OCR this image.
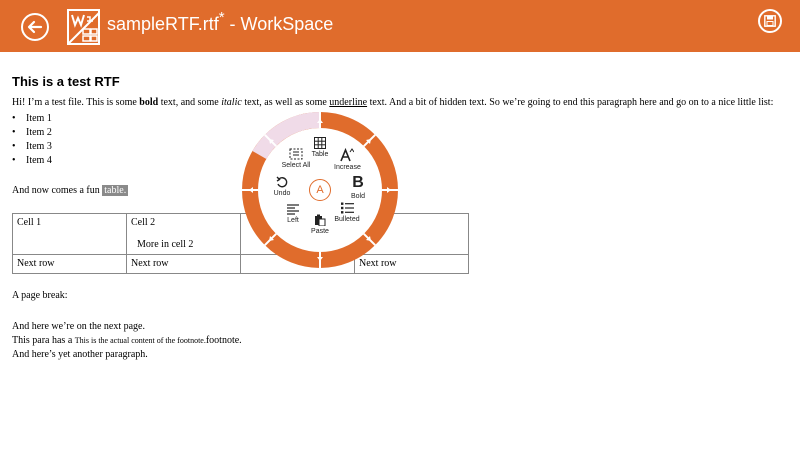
sampleRTF.rtf* - WorkSpace
This is a test RTF

Hi! I’m a test file. This is some bold text, and some italic text, as well as some underline text. And a bit of hidden text. So we’re going to end this paragraph here and go on to a nice little list:

• Item 1
• Item 2
• Item 3
• Item 4

And now comes a fun table.

Cell 1	Cell 2
More in cell 2		

Next row	Next row		Next row

A page break:

And here we’re on the next page.

This para has a This is the actual content of the footnote.footnote.

And here’s yet another paragraph.

Select All
Table
Increase
Undo
B
Bold
A
Left
Paste
Bulleted
